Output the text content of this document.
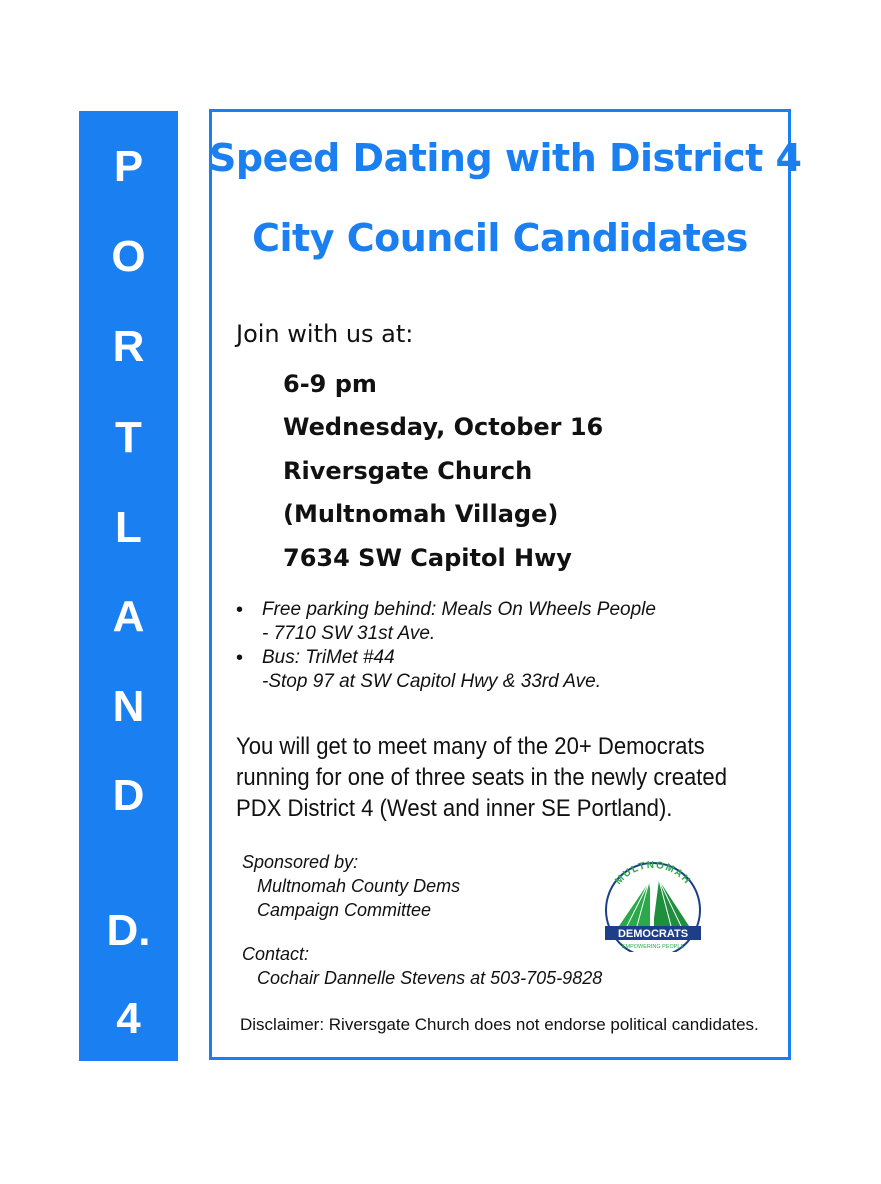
P
O
R
T
L
A
N
D
D.
4
Speed Dating with District 4
City Council Candidates
Join with us at:
6-9 pm
Wednesday, October 16
Riversgate Church
(Multnomah Village)
7634 SW Capitol Hwy
• Free parking behind: Meals On Wheels People
- 7710 SW 31st Ave.
• Bus: TriMet #44
-Stop 97 at SW Capitol Hwy & 33rd Ave.
You will get to meet many of the 20+ Democrats
running for one of three seats in the newly created
PDX District 4 (West and inner SE Portland).
Sponsored by:
Multnomah County Dems
Campaign Committee
MULTNOMAH
DEMOCRATS
EMPOWERING PEOPLE
Contact:
Cochair Dannelle Stevens at 503-705-9828
Disclaimer: Riversgate Church does not endorse political candidates.
